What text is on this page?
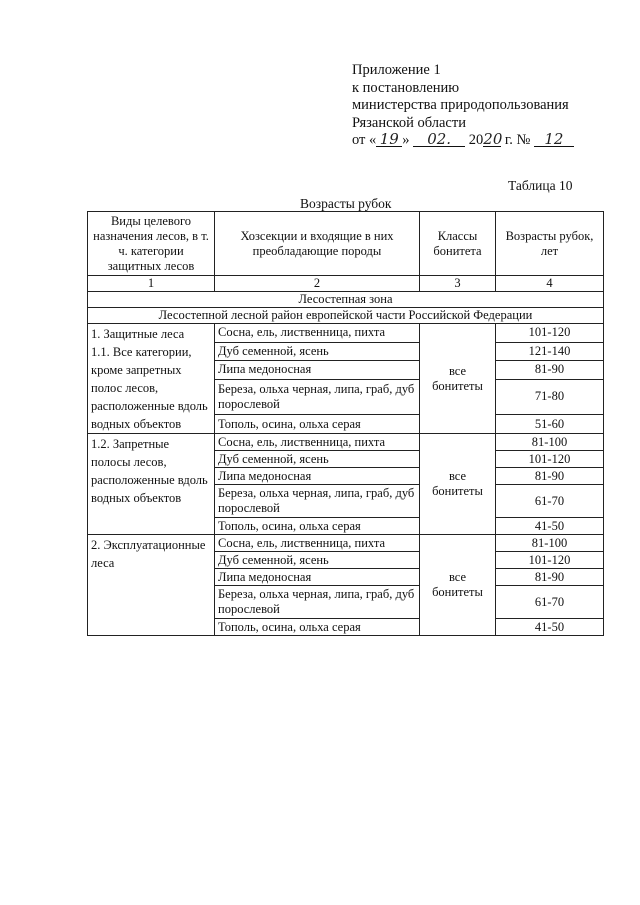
Приложение 1
к постановлению
министерства природопользования
Рязанской области
от « 19 » 02. 2020 г. № 12
Таблица 10
Возрасты рубок
Виды целевого назначения лесов, в т. ч. категории защитных лесов	Хозсекции и входящие в них преобладающие породы	Классы бонитета	Возрасты рубок, лет
1	2	3	4
Лесостепная зона			
Лесостепной лесной район европейской части Российской Федерации			

1. Защитные леса
1.1. Все категории, кроме запретных полос лесов, расположенные вдоль водных объектов	Сосна, ель, лиственница, пихта	все бонитеты	101-120
	Дуб семенной, ясень		121-140
	Липа медоносная		81-90
	Береза, ольха черная, липа, граб, дуб порослевой		71-80
	Тополь, осина, ольха серая		51-60

1.2. Запретные полосы лесов, расположенные вдоль водных объектов	Сосна, ель, лиственница, пихта	все бонитеты	81-100
	Дуб семенной, ясень		101-120
	Липа медоносная		81-90
	Береза, ольха черная, липа, граб, дуб порослевой		61-70
	Тополь, осина, ольха серая		41-50

2. Эксплуатационные леса	Сосна, ель, лиственница, пихта	все бонитеты	81-100
	Дуб семенной, ясень		101-120
	Липа медоносная		81-90
	Береза, ольха черная, липа, граб, дуб порослевой		61-70
	Тополь, осина, ольха серая		41-50
